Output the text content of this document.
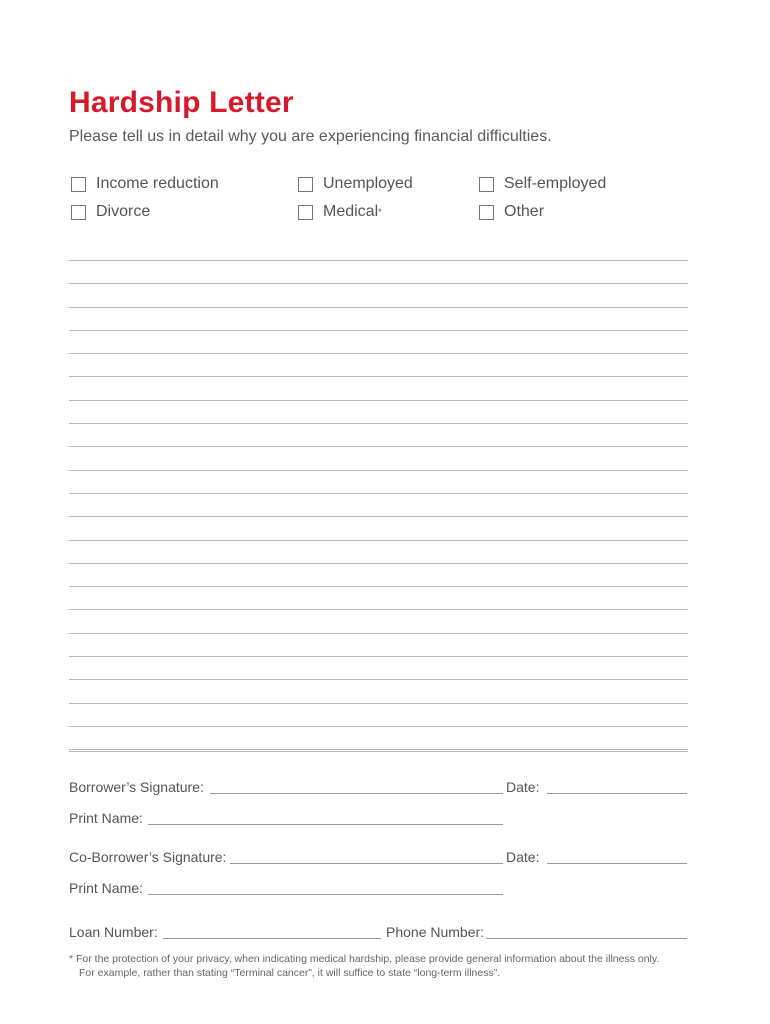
Hardship Letter
Please tell us in detail why you are experiencing financial difficulties.
Income reduction	Unemployed	Self-employed
Divorce	Medical *	Other
Borrower’s Signature:	Date:
Print Name:
Co-Borrower’s Signature:	Date:
Print Name:
Loan Number:	Phone Number:
* For the protection of your privacy, when indicating medical hardship, please provide general information about the illness only.
For example, rather than stating “Terminal cancer”, it will suffice to state “long-term illness”.
